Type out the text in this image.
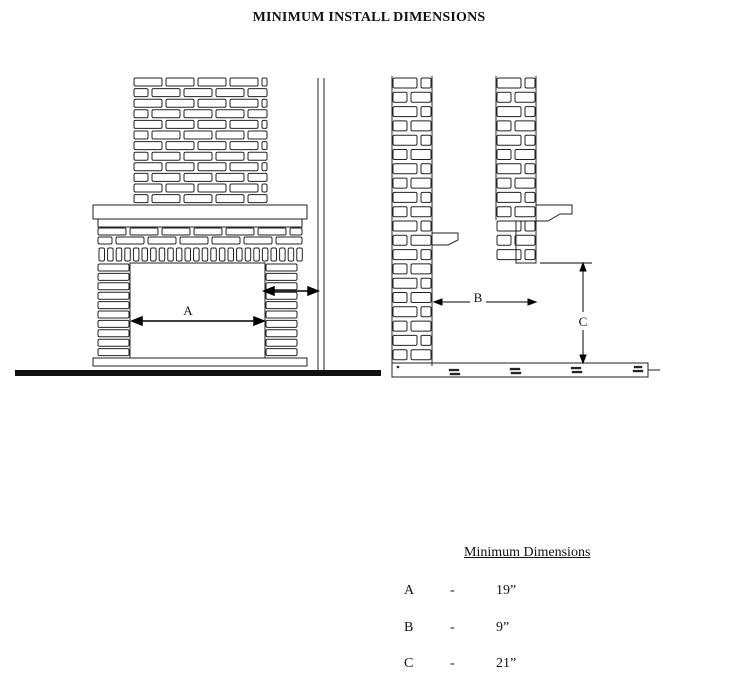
MINIMUM INSTALL DIMENSIONS
A
B
C
Minimum Dimensions
A	-	19”
B	-	9”
C	-	21”
